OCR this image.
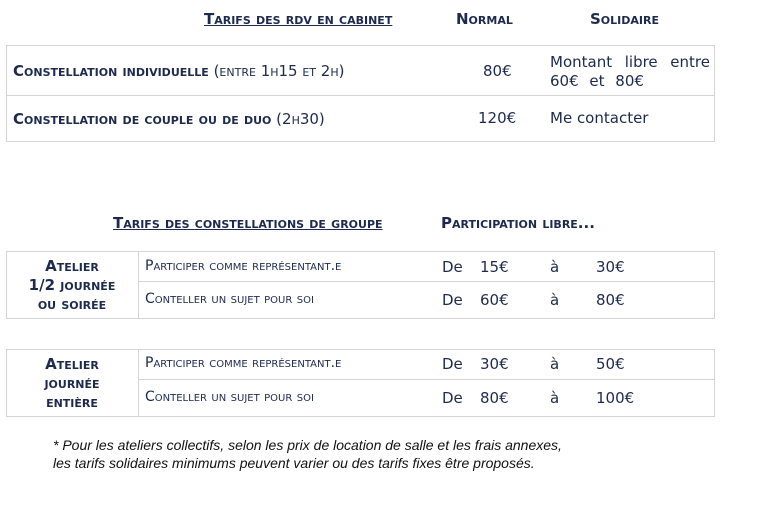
Tarifs des rdv en cabinet	Normal	Solidaire
Constellation individuelle (entre 1h15 et 2h)	80€	Montant libre entre
60€ et 80€
Constellation de couple ou de duo (2h30)	120€ Me contacter
Tarifs des constellations de groupe	Participation libre...
Atelier
1/2 journée
ou soirée
Participer comme représentant.e	De 15€	à 30€
Conteller un sujet pour soi	De 60€	à 80€
Atelier
journée
entière
Participer comme représentant.e	De 30€	à 50€
Conteller un sujet pour soi	De 80€	à 100€
* Pour les ateliers collectifs, selon les prix de location de salle et les frais annexes,
les tarifs solidaires minimums peuvent varier ou des tarifs fixes être proposés.
